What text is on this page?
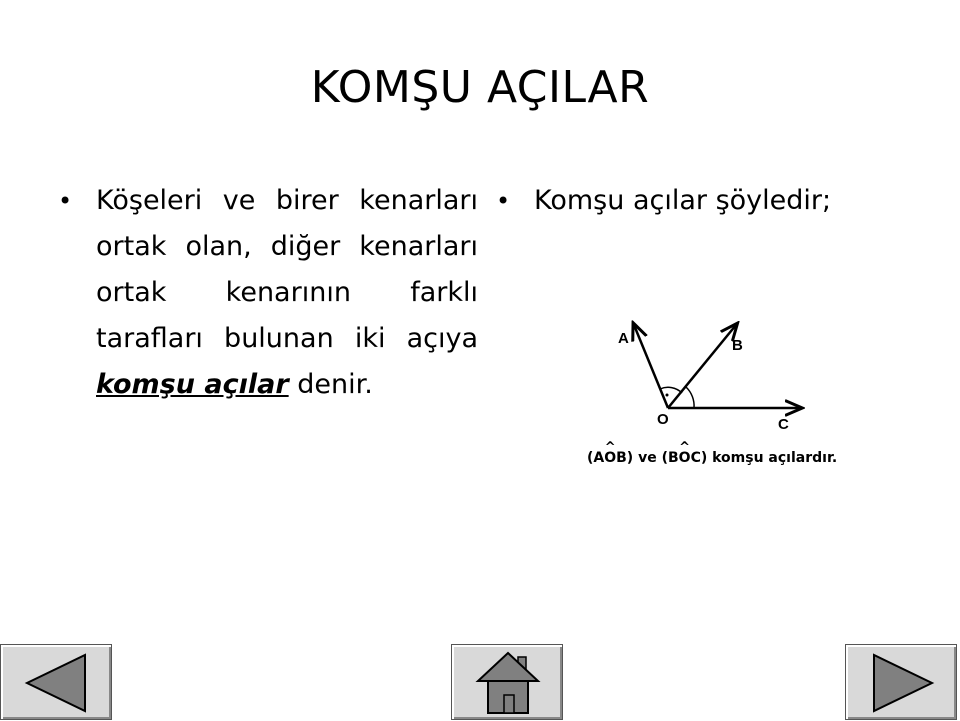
KOMŞU AÇILAR
• Köşeleri ve birer kenarları ortak olan, diğer kenarları ortak kenarının farklı tarafları bulunan iki açıya komşu açılar denir.
• Komşu açılar şöyledir;
A	B
O	C
(A^ OB) ve (B^ OC) komşu açılardır.
